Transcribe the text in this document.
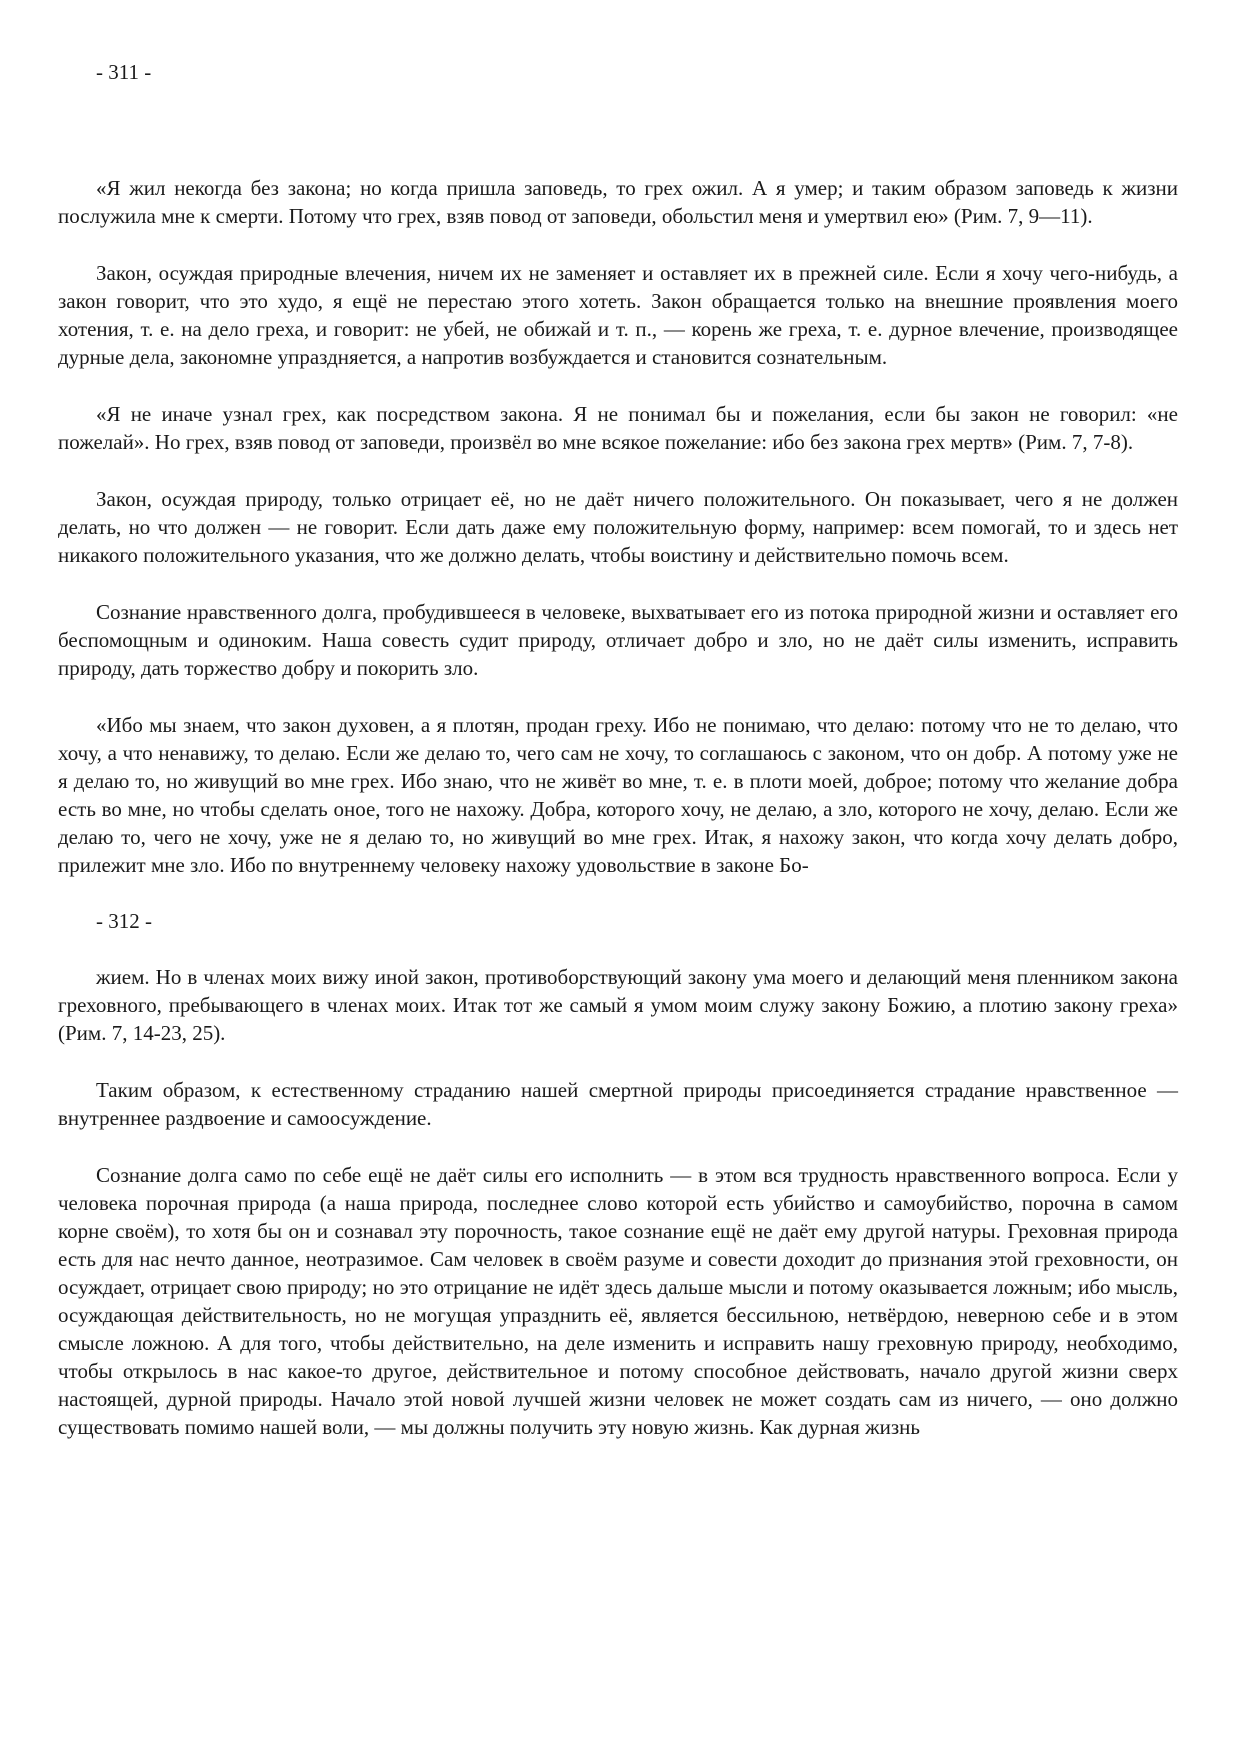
- 311 -

«Я жил некогда без закона; но когда пришла заповедь, то грех ожил. А я умер; и таким образом заповедь к жизни послужила мне к смерти. Потому что грех, взяв повод от заповеди, обольстил меня и умертвил ею» (Рим. 7, 9—11).

Закон, осуждая природные влечения, ничем их не заменяет и оставляет их в прежней силе. Если я хочу чего-нибудь, а закон говорит, что это худо, я ещё не перестаю этого хотеть. Закон обращается только на внешние проявления моего хотения, т. е. на дело греха, и говорит: не убей, не обижай и т. п., — корень же греха, т. е. дурное влечение, производящее дурные дела, закономне упраздняется, а напротив возбуждается и становится сознательным.

«Я не иначе узнал грех, как посредством закона. Я не понимал бы и пожелания, если бы закон не говорил: «не пожелай». Но грех, взяв повод от заповеди, произвёл во мне всякое пожелание: ибо без закона грех мертв» (Рим. 7, 7-8).

Закон, осуждая природу, только отрицает её, но не даёт ничего положительного. Он показывает, чего я не должен делать, но что должен — не говорит. Если дать даже ему положительную форму, например: всем помогай, то и здесь нет никакого положительного указания, что же должно делать, чтобы воистину и действительно помочь всем.

Сознание нравственного долга, пробудившееся в человеке, выхватывает его из потока природной жизни и оставляет его беспомощным и одиноким. Наша совесть судит природу, отличает добро и зло, но не даёт силы изменить, исправить природу, дать торжество добру и покорить зло.

«Ибо мы знаем, что закон духовен, а я плотян, продан греху. Ибо не понимаю, что делаю: потому что не то делаю, что хочу, а что ненавижу, то делаю. Если же делаю то, чего сам не хочу, то соглашаюсь с законом, что он добр. А потому уже не я делаю то, но живущий во мне грех. Ибо знаю, что не живёт во мне, т. е. в плоти моей, доброе; потому что желание добра есть во мне, но чтобы сделать оное, того не нахожу. Добра, которого хочу, не делаю, а зло, которого не хочу, делаю. Если же делаю то, чего не хочу, уже не я делаю то, но живущий во мне грех. Итак, я нахожу закон, что когда хочу делать добро, прилежит мне зло. Ибо по внутреннему человеку нахожу удовольствие в законе Бо-

- 312 -

жием. Но в членах моих вижу иной закон, противоборствующий закону ума моего и делающий меня пленником закона греховного, пребывающего в членах моих. Итак тот же самый я умом моим служу закону Божию, а плотию закону греха» (Рим. 7, 14-23, 25).

Таким образом, к естественному страданию нашей смертной природы присоединяется страдание нравственное — внутреннее раздвоение и самоосуждение.

Сознание долга само по себе ещё не даёт силы его исполнить — в этом вся трудность нравственного вопроса. Если у человека порочная природа (а наша природа, последнее слово которой есть убийство и самоубийство, порочна в самом корне своём), то хотя бы он и сознавал эту порочность, такое сознание ещё не даёт ему другой натуры. Греховная природа есть для нас нечто данное, неотразимое. Сам человек в своём разуме и совести доходит до признания этой греховности, он осуждает, отрицает свою природу; но это отрицание не идёт здесь дальше мысли и потому оказывается ложным; ибо мысль, осуждающая действительность, но не могущая упразднить её, является бессильною, нетвёрдою, неверною себе и в этом смысле ложною. А для того, чтобы действительно, на деле изменить и исправить нашу греховную природу, необходимо, чтобы открылось в нас какое-то другое, действительное и потому способное действовать, начало другой жизни сверх настоящей, дурной природы. Начало этой новой лучшей жизни человек не может создать сам из ничего, — оно должно существовать помимо нашей воли, — мы должны получить эту новую жизнь. Как дурная жизнь
